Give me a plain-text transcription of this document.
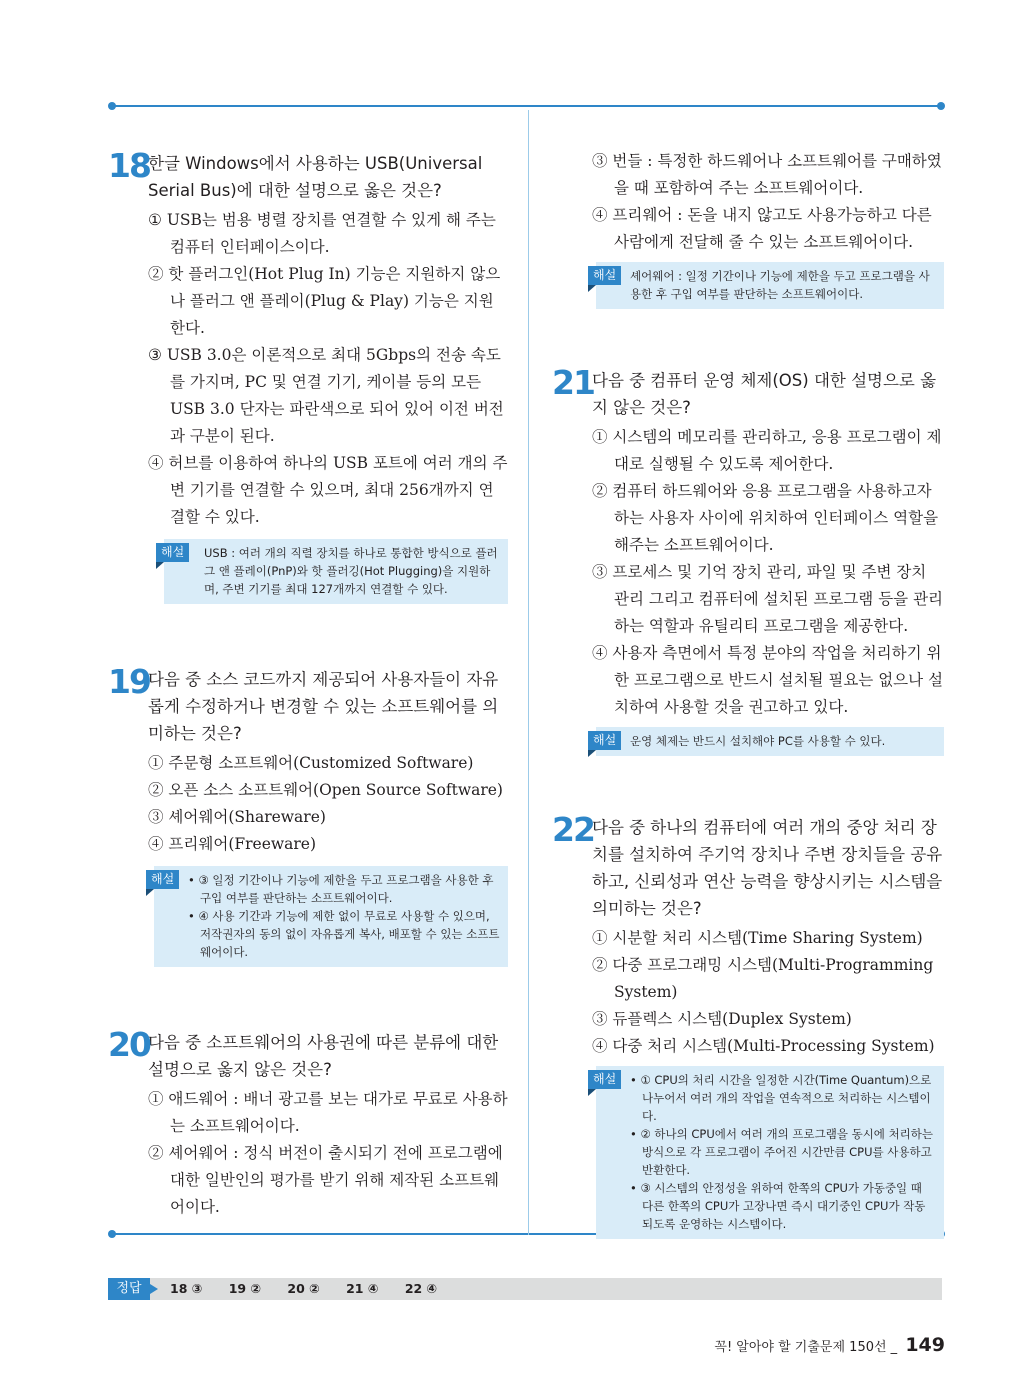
18
한글 Windows에서 사용하는 USB(Universal Serial Bus)에 대한 설명으로 옳은 것은?
① USB는 범용 병렬 장치를 연결할 수 있게 해 주는 컴퓨터 인터페이스이다.
② 핫 플러그인(Hot Plug In) 기능은 지원하지 않으나 플러그 앤 플레이(Plug & Play) 기능은 지원한다.
③ USB 3.0은 이론적으로 최대 5Gbps의 전송 속도를 가지며, PC 및 연결 기기, 케이블 등의 모든 USB 3.0 단자는 파란색으로 되어 있어 이전 버전과 구분이 된다.
④ 허브를 이용하여 하나의 USB 포트에 여러 개의 주변 기기를 연결할 수 있으며, 최대 256개까지 연결할 수 있다.
해설	USB : 여러 개의 직렬 장치를 하나로 통합한 방식으로 플러그 앤 플레이(PnP)와 핫 플러깅(Hot Plugging)을 지원하며, 주변 기기를 최대 127개까지 연결할 수 있다.
19
다음 중 소스 코드까지 제공되어 사용자들이 자유롭게 수정하거나 변경할 수 있는 소프트웨어를 의미하는 것은?
① 주문형 소프트웨어(Customized Software)
② 오픈 소스 소프트웨어(Open Source Software)
③ 셰어웨어(Shareware)
④ 프리웨어(Freeware)
해설	• ③ 일정 기간이나 기능에 제한을 두고 프로그램을 사용한 후 구입 여부를 판단하는 소프트웨어이다.
• ④ 사용 기간과 기능에 제한 없이 무료로 사용할 수 있으며, 저작권자의 동의 없이 자유롭게 복사, 배포할 수 있는 소프트웨어이다.
20
다음 중 소프트웨어의 사용권에 따른 분류에 대한 설명으로 옳지 않은 것은?
① 애드웨어 : 배너 광고를 보는 대가로 무료로 사용하는 소프트웨어이다.
② 셰어웨어 : 정식 버전이 출시되기 전에 프로그램에 대한 일반인의 평가를 받기 위해 제작된 소프트웨어이다.
③ 번들 : 특정한 하드웨어나 소프트웨어를 구매하였을 때 포함하여 주는 소프트웨어이다.
④ 프리웨어 : 돈을 내지 않고도 사용가능하고 다른 사람에게 전달해 줄 수 있는 소프트웨어이다.
해설	셰어웨어 : 일정 기간이나 기능에 제한을 두고 프로그램을 사용한 후 구입 여부를 판단하는 소프트웨어이다.
21
다음 중 컴퓨터 운영 체제(OS) 대한 설명으로 옳지 않은 것은?
① 시스템의 메모리를 관리하고, 응용 프로그램이 제대로 실행될 수 있도록 제어한다.
② 컴퓨터 하드웨어와 응용 프로그램을 사용하고자 하는 사용자 사이에 위치하여 인터페이스 역할을 해주는 소프트웨어이다.
③ 프로세스 및 기억 장치 관리, 파일 및 주변 장치 관리 그리고 컴퓨터에 설치된 프로그램 등을 관리하는 역할과 유틸리티 프로그램을 제공한다.
④ 사용자 측면에서 특정 분야의 작업을 처리하기 위한 프로그램으로 반드시 설치될 필요는 없으나 설치하여 사용할 것을 권고하고 있다.
해설	운영 체제는 반드시 설치해야 PC를 사용할 수 있다.
22
다음 중 하나의 컴퓨터에 여러 개의 중앙 처리 장치를 설치하여 주기억 장치나 주변 장치들을 공유하고, 신뢰성과 연산 능력을 향상시키는 시스템을 의미하는 것은?
① 시분할 처리 시스템(Time Sharing System)
② 다중 프로그래밍 시스템(Multi-Programming System)
③ 듀플렉스 시스템(Duplex System)
④ 다중 처리 시스템(Multi-Processing System)
해설	• ① CPU의 처리 시간을 일정한 시간(Time Quantum)으로 나누어서 여러 개의 작업을 연속적으로 처리하는 시스템이다.
• ② 하나의 CPU에서 여러 개의 프로그램을 동시에 처리하는 방식으로 각 프로그램이 주어진 시간만큼 CPU를 사용하고 반환한다.
• ③ 시스템의 안정성을 위하여 한쪽의 CPU가 가동중일 때 다른 한쪽의 CPU가 고장나면 즉시 대기중인 CPU가 작동되도록 운영하는 시스템이다.
정답	18 ③ 19 ② 20 ② 21 ④ 22 ④
꼭! 알아야 할 기출문제 150선 _ 149
